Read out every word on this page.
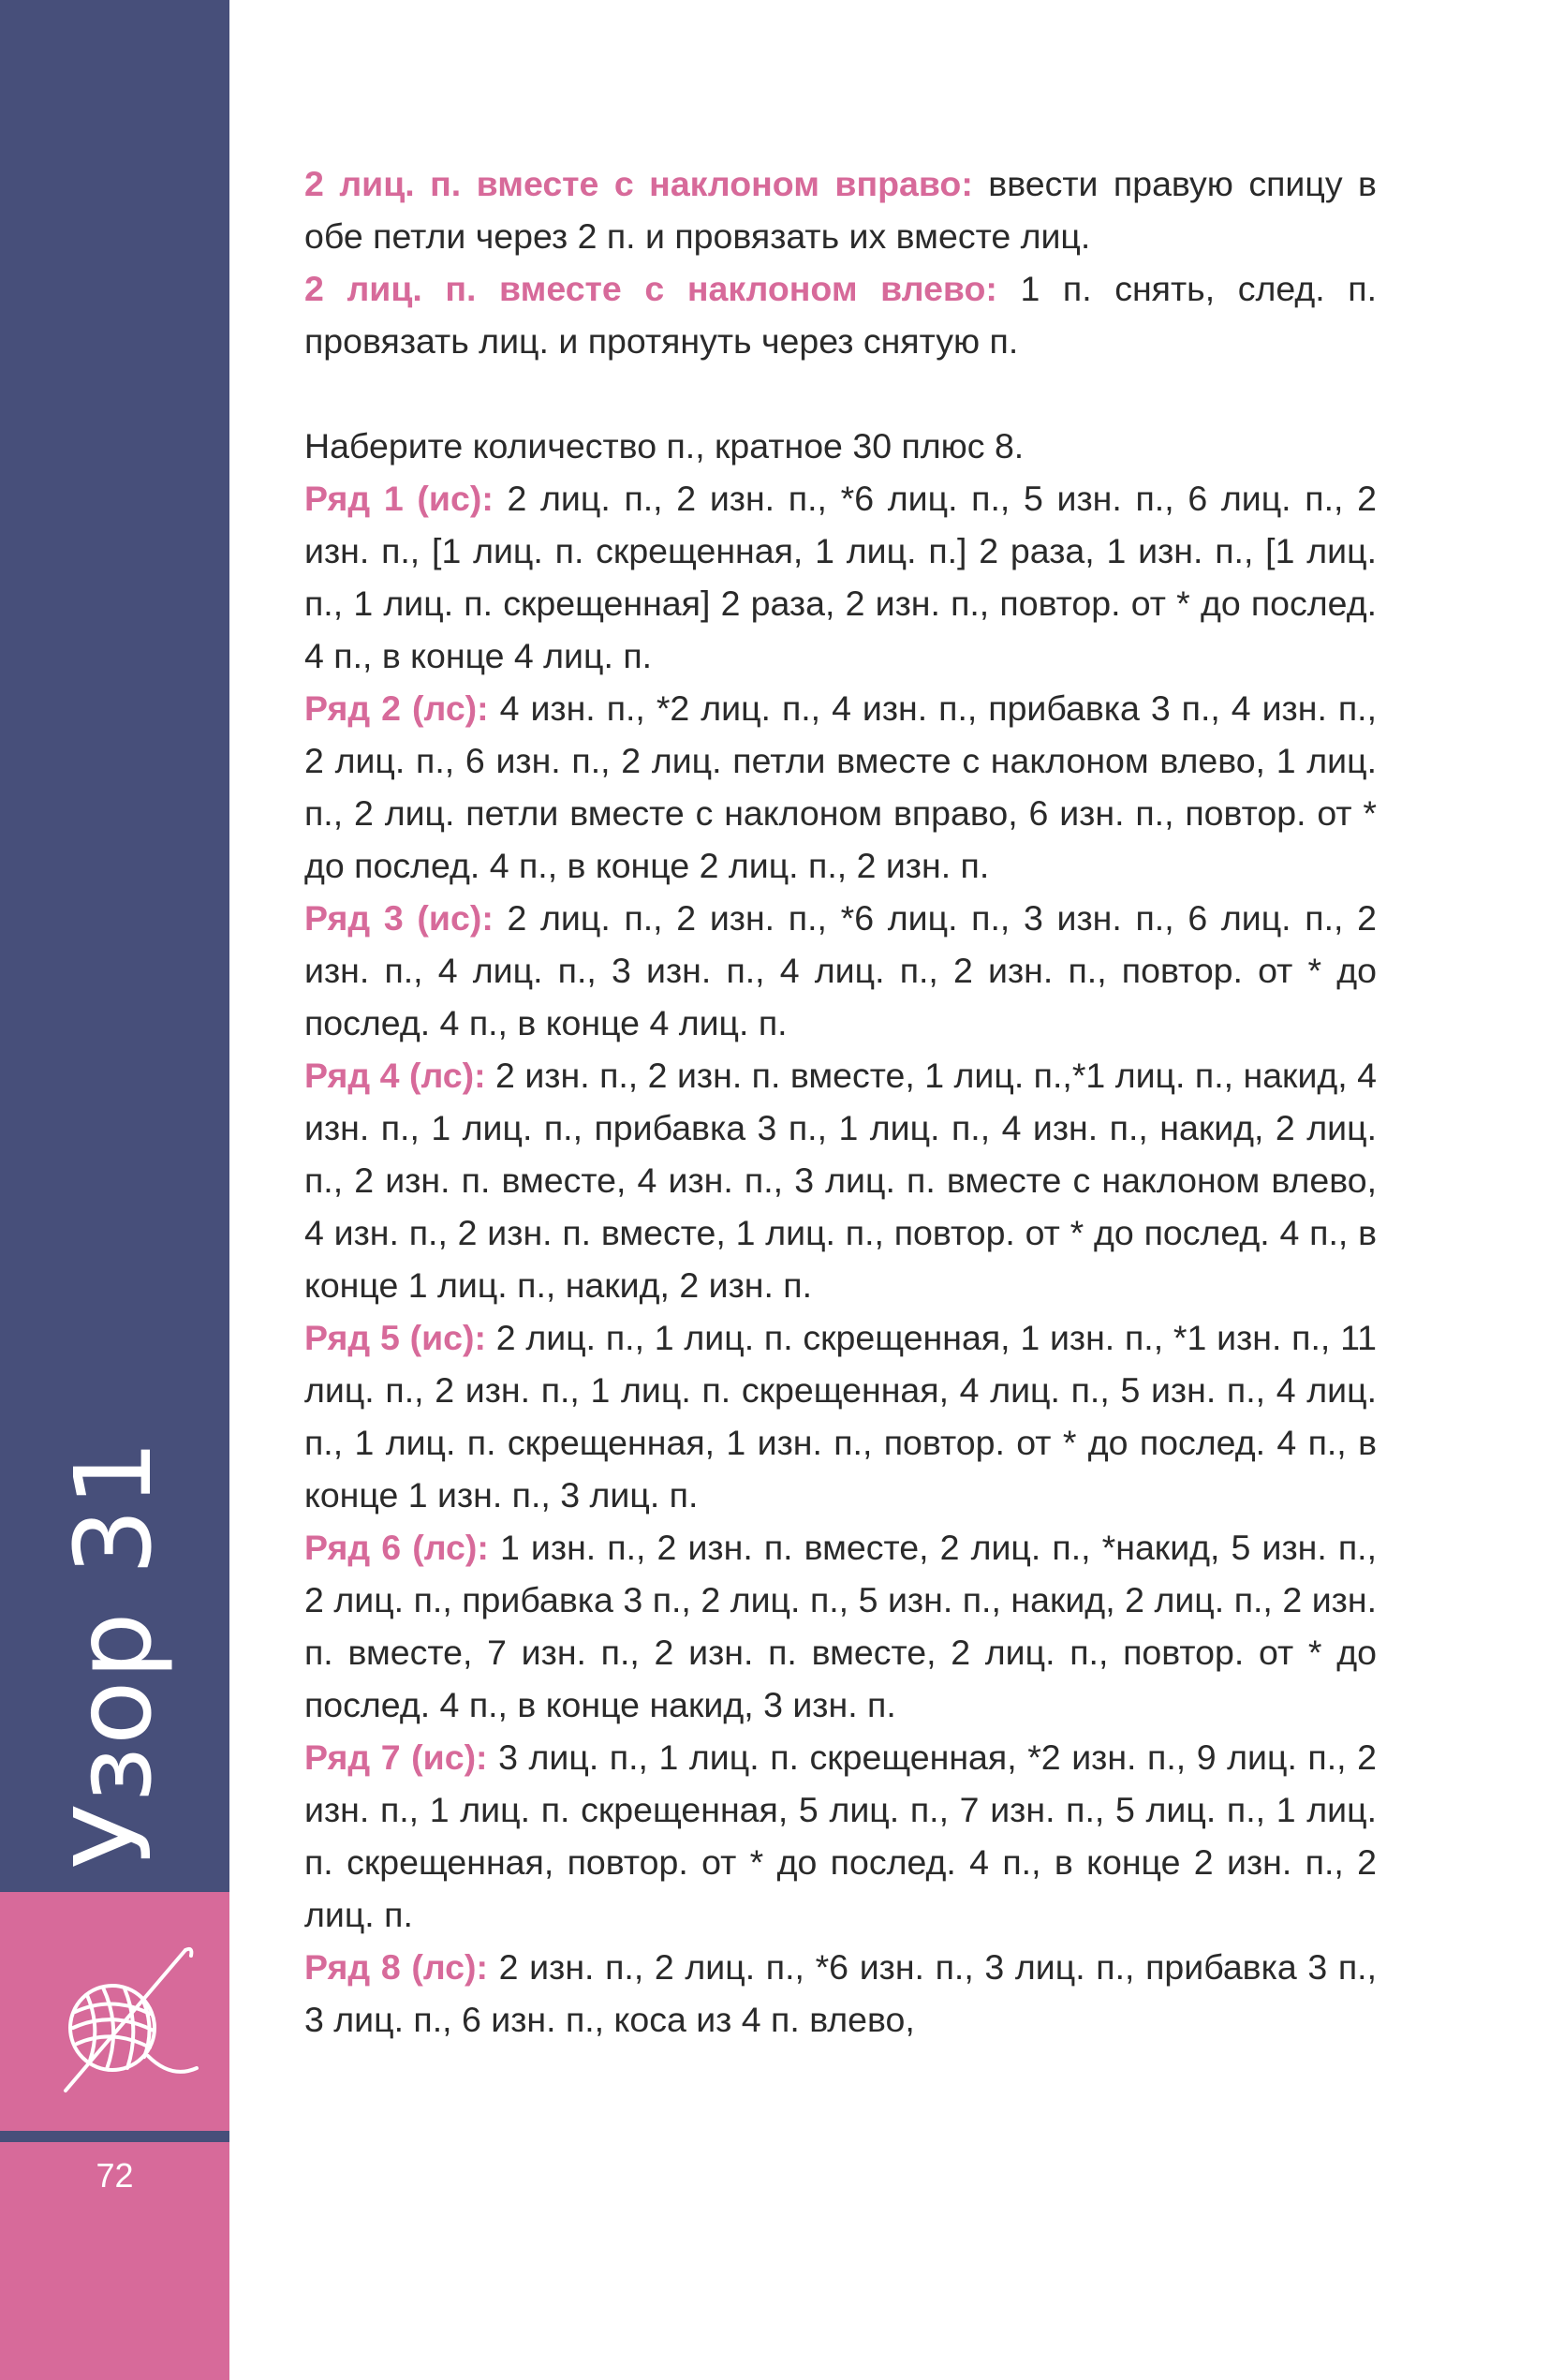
Узор 31
72

2 лиц. п. вместе с наклоном вправо: ввести правую спицу в обе петли через 2 п. и провязать их вместе лиц.

2 лиц. п. вместе с наклоном влево: 1 п. снять, след. п. провязать лиц. и протянуть через снятую п.

Наберите количество п., кратное 30 плюс 8.

Ряд 1 (ис): 2 лиц. п., 2 изн. п., *6 лиц. п., 5 изн. п., 6 лиц. п., 2 изн. п., [1 лиц. п. скрещенная, 1 лиц. п.] 2 раза, 1 изн. п., [1 лиц. п., 1 лиц. п. скрещенная] 2 раза, 2 изн. п., повтор. от * до послед. 4 п., в конце 4 лиц. п.

Ряд 2 (лс): 4 изн. п., *2 лиц. п., 4 изн. п., прибавка 3 п., 4 изн. п., 2 лиц. п., 6 изн. п., 2 лиц. петли вместе с наклоном влево, 1 лиц. п., 2 лиц. петли вместе с наклоном вправо, 6 изн. п., повтор. от * до послед. 4 п., в конце 2 лиц. п., 2 изн. п.

Ряд 3 (ис): 2 лиц. п., 2 изн. п., *6 лиц. п., 3 изн. п., 6 лиц. п., 2 изн. п., 4 лиц. п., 3 изн. п., 4 лиц. п., 2 изн. п., повтор. от * до послед. 4 п., в конце 4 лиц. п.

Ряд 4 (лс): 2 изн. п., 2 изн. п. вместе, 1 лиц. п.,*1 лиц. п., накид, 4 изн. п., 1 лиц. п., прибавка 3 п., 1 лиц. п., 4 изн. п., накид, 2 лиц. п., 2 изн. п. вместе, 4 изн. п., 3 лиц. п. вместе с наклоном влево, 4 изн. п., 2 изн. п. вместе, 1 лиц. п., повтор. от * до послед. 4 п., в конце 1 лиц. п., накид, 2 изн. п.

Ряд 5 (ис): 2 лиц. п., 1 лиц. п. скрещенная, 1 изн. п., *1 изн. п., 11 лиц. п., 2 изн. п., 1 лиц. п. скрещенная, 4 лиц. п., 5 изн. п., 4 лиц. п., 1 лиц. п. скрещенная, 1 изн. п., повтор. от * до послед. 4 п., в конце 1 изн. п., 3 лиц. п.

Ряд 6 (лс): 1 изн. п., 2 изн. п. вместе, 2 лиц. п., *накид, 5 изн. п., 2 лиц. п., прибавка 3 п., 2 лиц. п., 5 изн. п., накид, 2 лиц. п., 2 изн. п. вместе, 7 изн. п., 2 изн. п. вместе, 2 лиц. п., повтор. от * до послед. 4 п., в конце накид, 3 изн. п.

Ряд 7 (ис): 3 лиц. п., 1 лиц. п. скрещенная, *2 изн. п., 9 лиц. п., 2 изн. п., 1 лиц. п. скрещенная, 5 лиц. п., 7 изн. п., 5 лиц. п., 1 лиц. п. скрещенная, повтор. от * до послед. 4 п., в конце 2 изн. п., 2 лиц. п.

Ряд 8 (лс): 2 изн. п., 2 лиц. п., *6 изн. п., 3 лиц. п., прибавка 3 п., 3 лиц. п., 6 изн. п., коса из 4 п. влево,
